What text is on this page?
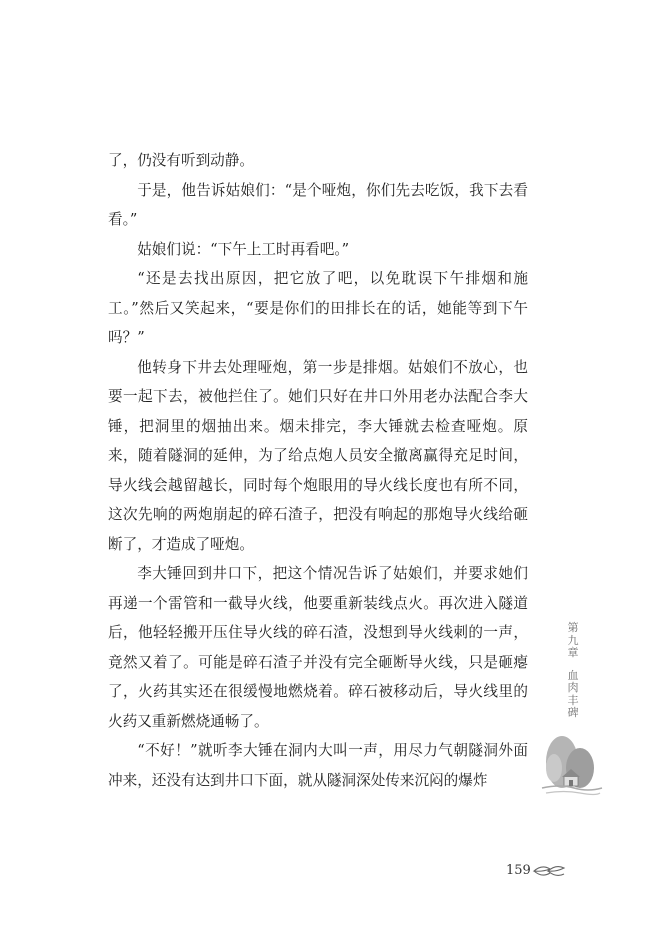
了，仍没有听到动静。

于是，他告诉姑娘们：“是个哑炮，你们先去吃饭，我下去看看。”

姑娘们说：“下午上工时再看吧。”

“还是去找出原因，把它放了吧，以免耽误下午排烟和施工。”然后又笑起来，“要是你们的田排长在的话，她能等到下午吗？”

他转身下井去处理哑炮，第一步是排烟。姑娘们不放心，也要一起下去，被他拦住了。她们只好在井口外用老办法配合李大锤，把洞里的烟抽出来。烟未排完，李大锤就去检查哑炮。原来，随着隧洞的延伸，为了给点炮人员安全撤离赢得充足时间，导火线会越留越长，同时每个炮眼用的导火线长度也有所不同，这次先响的两炮崩起的碎石渣子，把没有响起的那炮导火线给砸断了，才造成了哑炮。

李大锤回到井口下，把这个情况告诉了姑娘们，并要求她们再递一个雷管和一截导火线，他要重新装线点火。再次进入隧道后，他轻轻搬开压住导火线的碎石渣，没想到导火线刺的一声，竟然又着了。可能是碎石渣子并没有完全砸断导火线，只是砸瘪了，火药其实还在很缓慢地燃烧着。碎石被移动后，导火线里的火药又重新燃烧通畅了。

“不好！”就听李大锤在洞内大叫一声，用尽力气朝隧洞外面冲来，还没有达到井口下面，就从隧洞深处传来沉闷的爆炸

第九章
血肉丰碑
159
